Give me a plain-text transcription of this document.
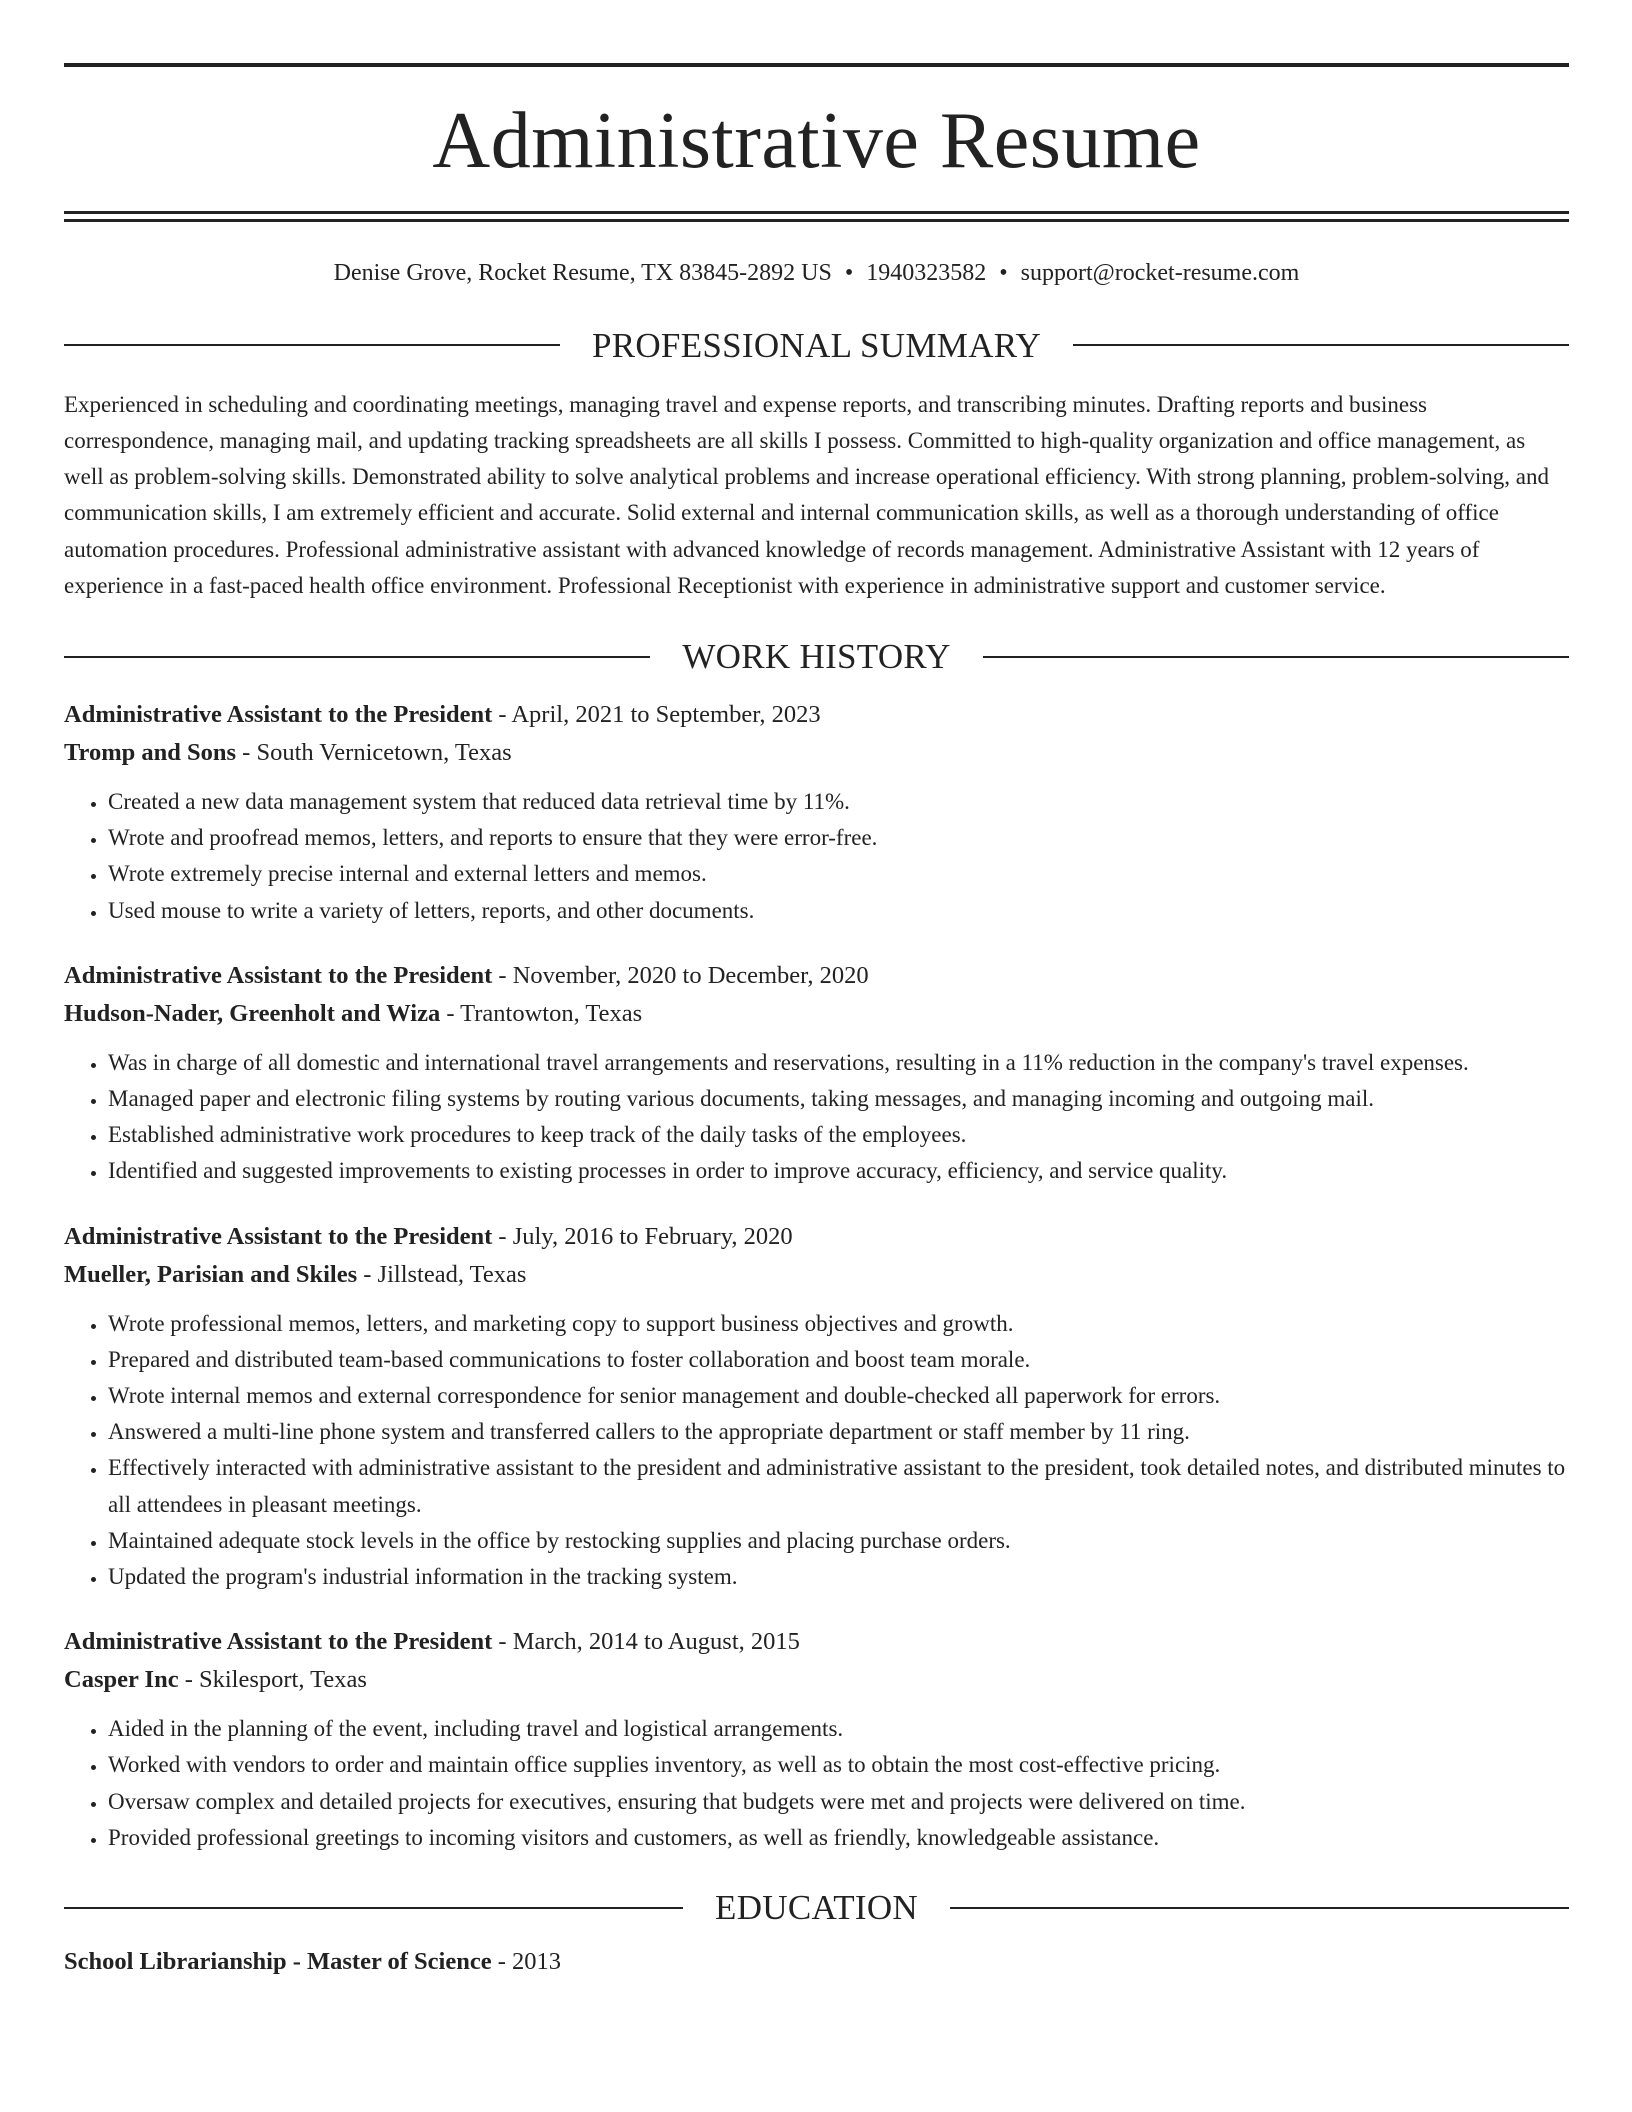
Administrative Resume
Denise Grove, Rocket Resume, TX 83845-2892 US • 1940323582 • support@rocket-resume.com
PROFESSIONAL SUMMARY

Experienced in scheduling and coordinating meetings, managing travel and expense reports, and transcribing minutes. Drafting reports and business correspondence, managing mail, and updating tracking spreadsheets are all skills I possess. Committed to high-quality organization and office management, as well as problem-solving skills. Demonstrated ability to solve analytical problems and increase operational efficiency. With strong planning, problem-solving, and communication skills, I am extremely efficient and accurate. Solid external and internal communication skills, as well as a thorough understanding of office automation procedures. Professional administrative assistant with advanced knowledge of records management. Administrative Assistant with 12 years of experience in a fast-paced health office environment. Professional Receptionist with experience in administrative support and customer service.

WORK HISTORY
Administrative Assistant to the President - April, 2021 to September, 2023
Tromp and Sons - South Vernicetown, Texas
• Created a new data management system that reduced data retrieval time by 11%.
• Wrote and proofread memos, letters, and reports to ensure that they were error-free.
• Wrote extremely precise internal and external letters and memos.
• Used mouse to write a variety of letters, reports, and other documents.
Administrative Assistant to the President - November, 2020 to December, 2020
Hudson-Nader, Greenholt and Wiza - Trantowton, Texas
• Was in charge of all domestic and international travel arrangements and reservations, resulting in a 11% reduction in the company's travel expenses.
• Managed paper and electronic filing systems by routing various documents, taking messages, and managing incoming and outgoing mail.
• Established administrative work procedures to keep track of the daily tasks of the employees.
• Identified and suggested improvements to existing processes in order to improve accuracy, efficiency, and service quality.
Administrative Assistant to the President - July, 2016 to February, 2020
Mueller, Parisian and Skiles - Jillstead, Texas
• Wrote professional memos, letters, and marketing copy to support business objectives and growth.
• Prepared and distributed team-based communications to foster collaboration and boost team morale.
• Wrote internal memos and external correspondence for senior management and double-checked all paperwork for errors.
• Answered a multi-line phone system and transferred callers to the appropriate department or staff member by 11 ring.
• Effectively interacted with administrative assistant to the president and administrative assistant to the president, took detailed notes, and distributed minutes to all attendees in pleasant meetings.
• Maintained adequate stock levels in the office by restocking supplies and placing purchase orders.
• Updated the program's industrial information in the tracking system.
Administrative Assistant to the President - March, 2014 to August, 2015
Casper Inc - Skilesport, Texas
• Aided in the planning of the event, including travel and logistical arrangements.
• Worked with vendors to order and maintain office supplies inventory, as well as to obtain the most cost-effective pricing.
• Oversaw complex and detailed projects for executives, ensuring that budgets were met and projects were delivered on time.
• Provided professional greetings to incoming visitors and customers, as well as friendly, knowledgeable assistance.
EDUCATION
School Librarianship - Master of Science - 2013
